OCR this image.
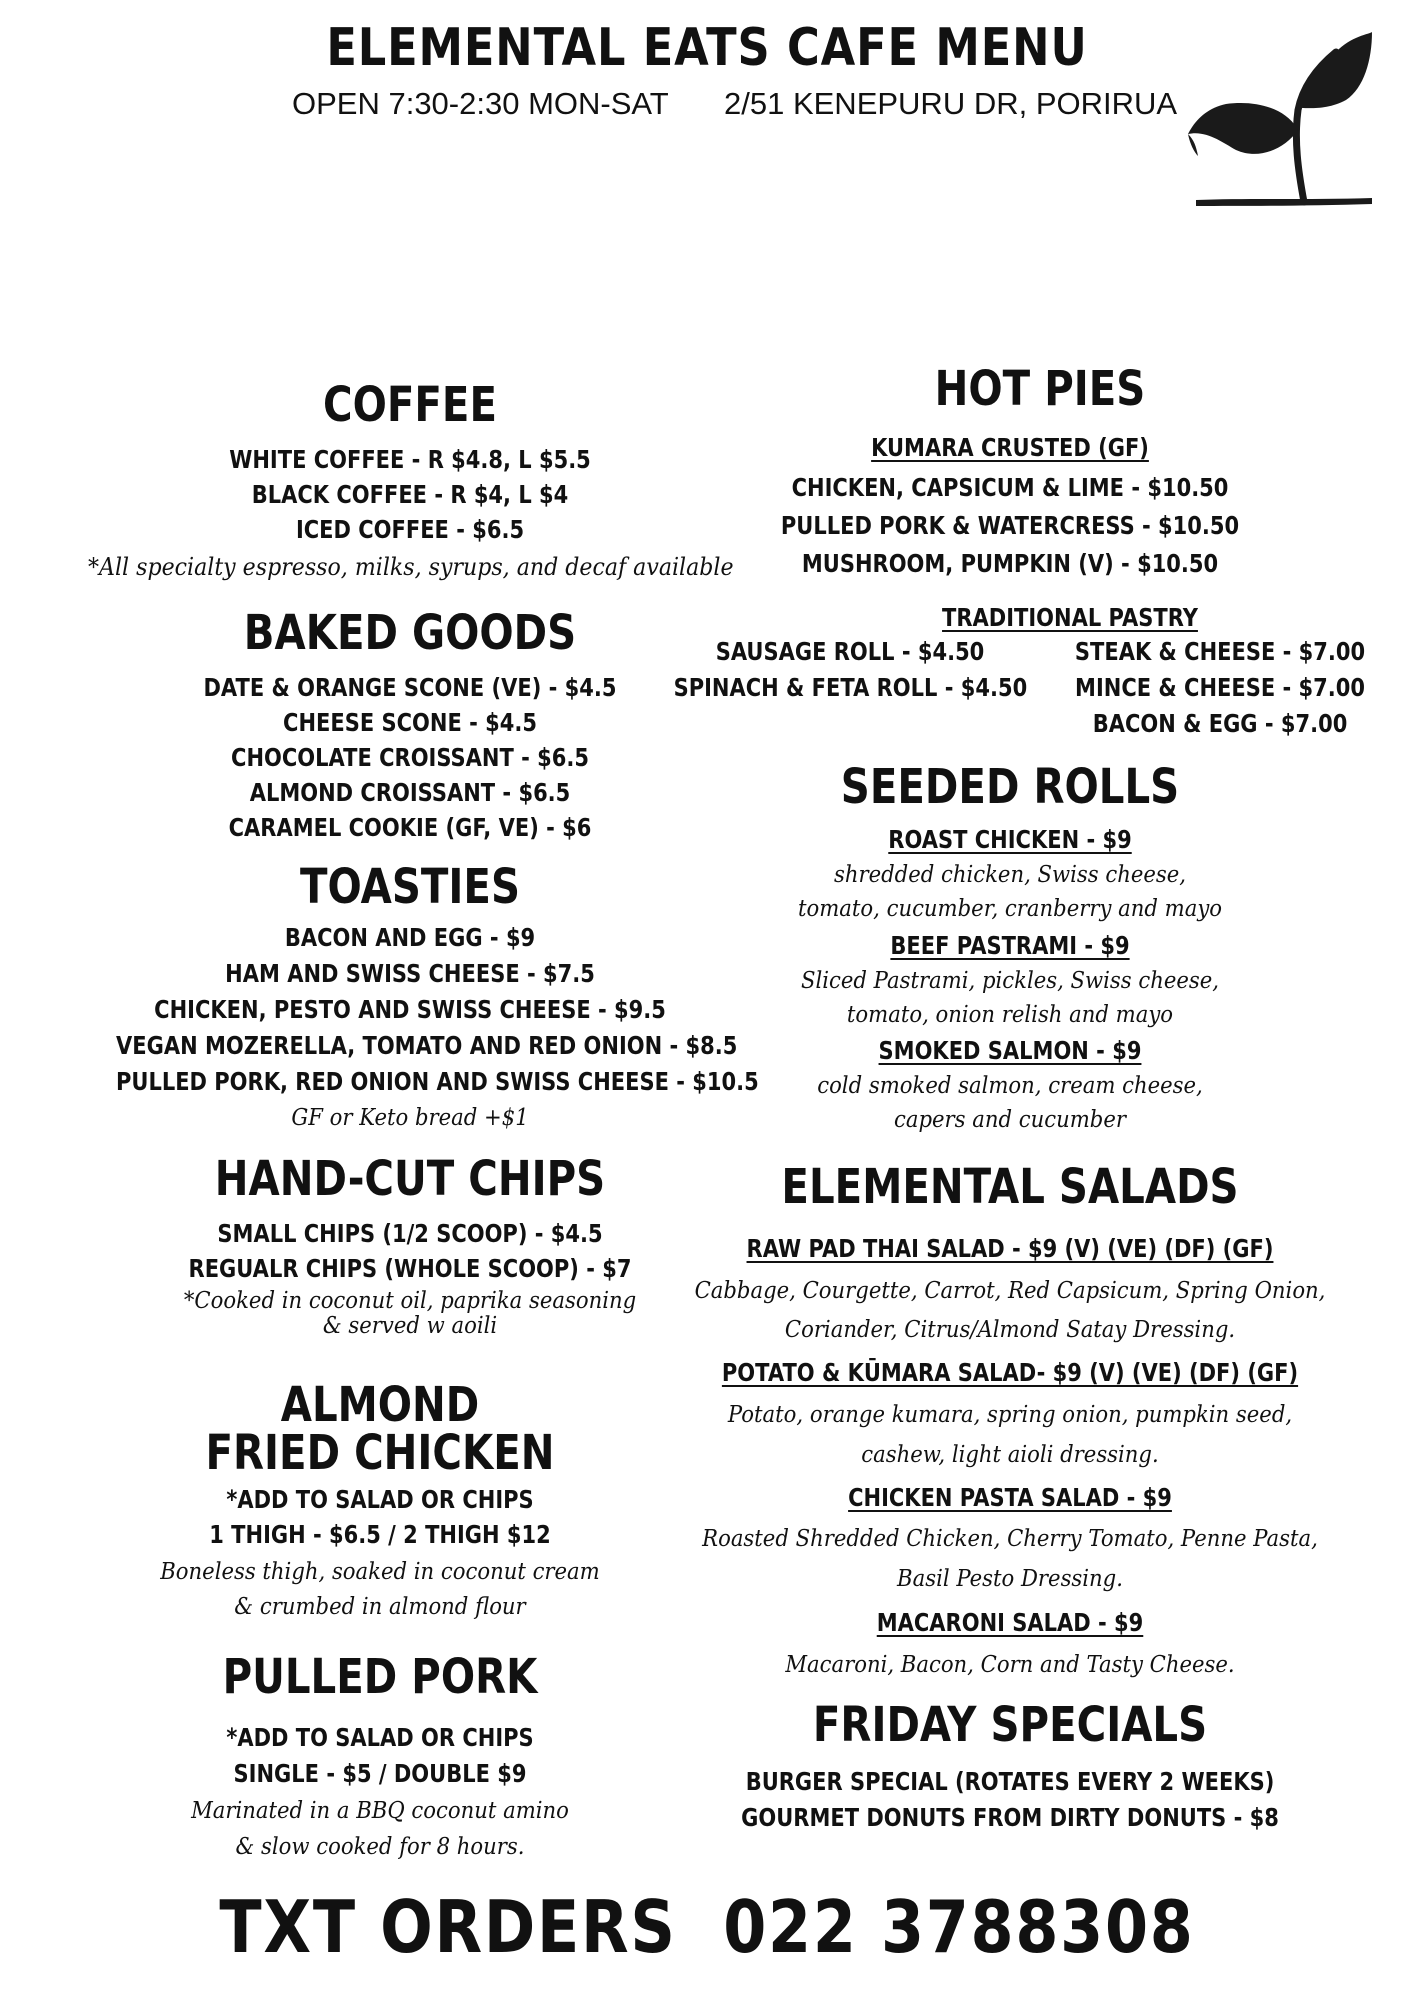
ELEMENTAL EATS CAFE MENU
OPEN 7:30-2:30 MON-SAT 2/51 KENEPURU DR, PORIRUA
COFFEE
WHITE COFFEE - R $4.8, L $5.5
BLACK COFFEE - R $4, L $4
ICED COFFEE - $6.5
*All specialty espresso, milks, syrups, and decaf available
BAKED GOODS
DATE & ORANGE SCONE (VE) - $4.5
CHEESE SCONE - $4.5
CHOCOLATE CROISSANT - $6.5
ALMOND CROISSANT - $6.5
CARAMEL COOKIE (GF, VE) - $6
TOASTIES
BACON AND EGG - $9
HAM AND SWISS CHEESE - $7.5
CHICKEN, PESTO AND SWISS CHEESE - $9.5
VEGAN MOZERELLA, TOMATO AND RED ONION - $8.5
PULLED PORK, RED ONION AND SWISS CHEESE - $10.5
GF or Keto bread +$1
HAND-CUT CHIPS
SMALL CHIPS (1/2 SCOOP) - $4.5
REGUALR CHIPS (WHOLE SCOOP) - $7
*Cooked in coconut oil, paprika seasoning
& served w aoili
ALMOND
FRIED CHICKEN
*ADD TO SALAD OR CHIPS
1 THIGH - $6.5 / 2 THIGH $12
Boneless thigh, soaked in coconut cream
& crumbed in almond flour
PULLED PORK
*ADD TO SALAD OR CHIPS
SINGLE - $5 / DOUBLE $9
Marinated in a BBQ coconut amino
& slow cooked for 8 hours.
HOT PIES
KUMARA CRUSTED (GF)
CHICKEN, CAPSICUM & LIME - $10.50
PULLED PORK & WATERCRESS - $10.50
MUSHROOM, PUMPKIN (V) - $10.50
TRADITIONAL PASTRY
SAUSAGE ROLL - $4.50
SPINACH & FETA ROLL - $4.50
STEAK & CHEESE - $7.00
MINCE & CHEESE - $7.00
BACON & EGG - $7.00
SEEDED ROLLS
ROAST CHICKEN - $9
shredded chicken, Swiss cheese,
tomato, cucumber, cranberry and mayo
BEEF PASTRAMI - $9
Sliced Pastrami, pickles, Swiss cheese,
tomato, onion relish and mayo
SMOKED SALMON - $9
cold smoked salmon, cream cheese,
capers and cucumber
ELEMENTAL SALADS
RAW PAD THAI SALAD - $9 (V) (VE) (DF) (GF)
Cabbage, Courgette, Carrot, Red Capsicum, Spring Onion,
Coriander, Citrus/Almond Satay Dressing.
POTATO & KŪMARA SALAD- $9 (V) (VE) (DF) (GF)
Potato, orange kumara, spring onion, pumpkin seed,
cashew, light aioli dressing.
CHICKEN PASTA SALAD - $9
Roasted Shredded Chicken, Cherry Tomato, Penne Pasta,
Basil Pesto Dressing.
MACARONI SALAD - $9
Macaroni, Bacon, Corn and Tasty Cheese.
FRIDAY SPECIALS
BURGER SPECIAL (ROTATES EVERY 2 WEEKS)
GOURMET DONUTS FROM DIRTY DONUTS - $8
TXT ORDERS  022 3788308
